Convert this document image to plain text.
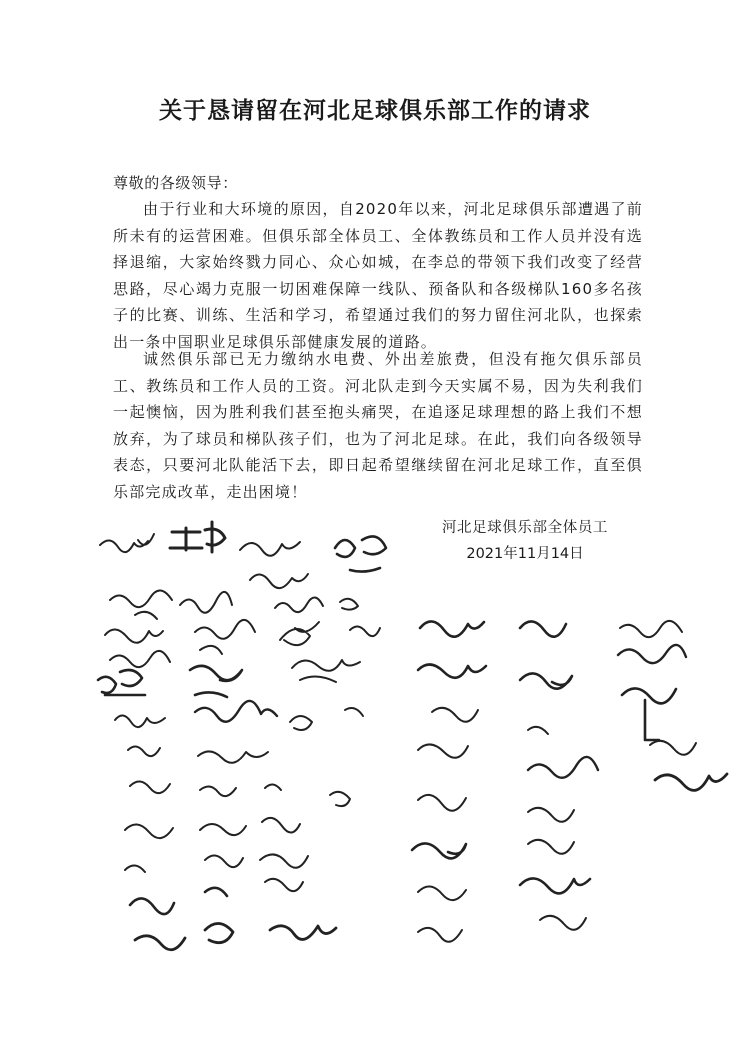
关于恳请留在河北足球俱乐部工作的请求
尊敬的各级领导：

由于行业和大环境的原因，自2020年以来，河北足球俱乐部遭遇了前所未有的运营困难。但俱乐部全体员工、全体教练员和工作人员并没有选择退缩，大家始终戮力同心、众心如城，在李总的带领下我们改变了经营思路，尽心竭力克服一切困难保障一线队、预备队和各级梯队160多名孩子的比赛、训练、生活和学习，希望通过我们的努力留住河北队，也探索出一条中国职业足球俱乐部健康发展的道路。

诚然俱乐部已无力缴纳水电费、外出差旅费，但没有拖欠俱乐部员工、教练员和工作人员的工资。河北队走到今天实属不易，因为失利我们一起懊恼，因为胜利我们甚至抱头痛哭，在追逐足球理想的路上我们不想放弃，为了球员和梯队孩子们，也为了河北足球。在此，我们向各级领导表态，只要河北队能活下去，即日起希望继续留在河北足球工作，直至俱乐部完成改革，走出困境！

河北足球俱乐部全体员工
2021年11月14日
